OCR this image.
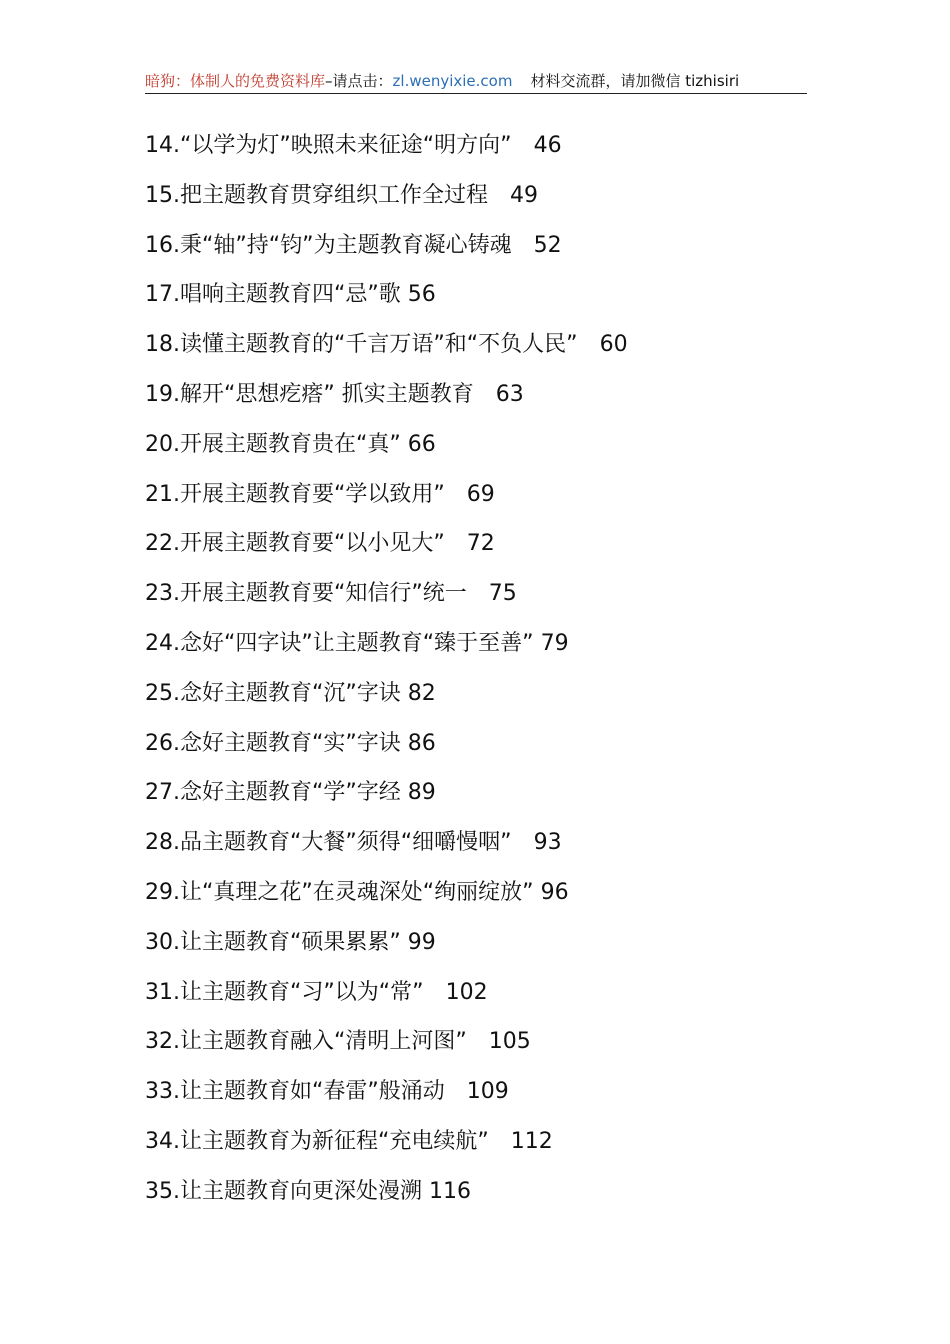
暗狗：体制人的免费资料库–请点击：zl.wenyixie.com 材料交流群，请加微信 tizhisiri
14.“以学为灯”映照未来征途“明方向”　46
15.把主题教育贯穿组织工作全过程　49
16.秉“轴”持“钧”为主题教育凝心铸魂　52
17.唱响主题教育四“忌”歌 56
18.读懂主题教育的“千言万语”和“不负人民”　60
19.解开“思想疙瘩” 抓实主题教育　63
20.开展主题教育贵在“真” 66
21.开展主题教育要“学以致用”　69
22.开展主题教育要“以小见大”　72
23.开展主题教育要“知信行”统一　75
24.念好“四字诀”让主题教育“臻于至善” 79
25.念好主题教育“沉”字诀 82
26.念好主题教育“实”字诀 86
27.念好主题教育“学”字经 89
28.品主题教育“大餐”须得“细嚼慢咽”　93
29.让“真理之花”在灵魂深处“绚丽绽放” 96
30.让主题教育“硕果累累” 99
31.让主题教育“习”以为“常”　102
32.让主题教育融入“清明上河图”　105
33.让主题教育如“春雷”般涌动　109
34.让主题教育为新征程“充电续航”　112
35.让主题教育向更深处漫溯 116
